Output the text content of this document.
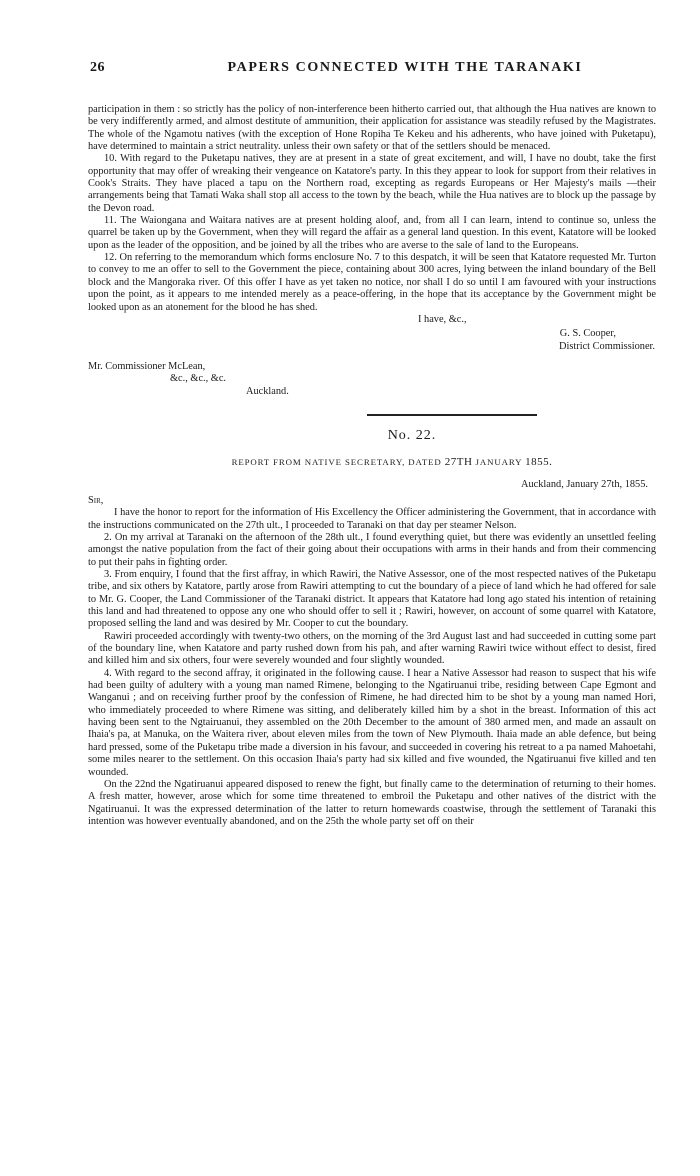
26	PAPERS CONNECTED WITH THE TARANAKI

participation in them : so strictly has the policy of non-interference been hitherto carried out, that although the Hua natives are known to be very indifferently armed, and almost destitute of ammunition, their application for assistance was steadily refused by the Magistrates. The whole of the Ngamotu natives (with the exception of Hone Ropiha Te Kekeu and his adherents, who have joined with Puketapu), have determined to maintain a strict neutrality. unless their own safety or that of the settlers should be menaced.

10. With regard to the Puketapu natives, they are at present in a state of great excitement, and will, I have no doubt, take the first opportunity that may offer of wreaking their vengeance on Katatore's party. In this they appear to look for support from their relatives in Cook's Straits. They have placed a tapu on the Northern road, excepting as regards Europeans or Her Majesty's mails —their arrangements being that Tamati Waka shall stop all access to the town by the beach, while the Hua natives are to block up the passage by the Devon road.

11. The Waiongana and Waitara natives are at present holding aloof, and, from all I can learn, intend to continue so, unless the quarrel be taken up by the Government, when they will regard the affair as a general land question. In this event, Katatore will be looked upon as the leader of the opposition, and be joined by all the tribes who are averse to the sale of land to the Europeans.

12. On referring to the memorandum which forms enclosure No. 7 to this despatch, it will be seen that Katatore requested Mr. Turton to convey to me an offer to sell to the Government the piece, containing about 300 acres, lying between the inland boundary of the Bell block and the Mangoraka river. Of this offer I have as yet taken no notice, nor shall I do so until I am favoured with your instructions upon the point, as it appears to me intended merely as a peace-offering, in the hope that its acceptance by the Government might be looked upon as an atonement for the blood he has shed.

I have, &c.,
G. S. Cooper,
District Commissioner.
Mr. Commissioner McLean,
&c., &c., &c.
Auckland.
No. 22.
REPORT FROM NATIVE SECRETARY, DATED 27TH JANUARY 1855.
Auckland, January 27th, 1855.
Sir,

I have the honor to report for the information of His Excellency the Officer administering the Government, that in accordance with the instructions communicated on the 27th ult., I proceeded to Taranaki on that day per steamer Nelson.

2. On my arrival at Taranaki on the afternoon of the 28th ult., I found everything quiet, but there was evidently an unsettled feeling amongst the native population from the fact of their going about their occupations with arms in their hands and from their commencing to put their pahs in fighting order.

3. From enquiry, I found that the first affray, in which Rawiri, the Native Assessor, one of the most respected natives of the Puketapu tribe, and six others by Katatore, partly arose from Rawiri attempting to cut the boundary of a piece of land which he had offered for sale to Mr. G. Cooper, the Land Commissioner of the Taranaki district. It appears that Katatore had long ago stated his intention of retaining this land and had threatened to oppose any one who should offer to sell it ; Rawiri, however, on account of some quarrel with Katatore, proposed selling the land and was desired by Mr. Cooper to cut the boundary.

Rawiri proceeded accordingly with twenty-two others, on the morning of the 3rd August last and had succeeded in cutting some part of the boundary line, when Katatore and party rushed down from his pah, and after warning Rawiri twice without effect to desist, fired and killed him and six others, four were severely wounded and four slightly wounded.

4. With regard to the second affray, it originated in the following cause. I hear a Native Assessor had reason to suspect that his wife had been guilty of adultery with a young man named Rimene, belonging to the Ngatiruanui tribe, residing between Cape Egmont and Wanganui ; and on receiving further proof by the confession of Rimene, he had directed him to be shot by a young man named Hori, who immediately proceeded to where Rimene was sitting, and deliberately killed him by a shot in the breast. Information of this act having been sent to the Ngtairuanui, they assembled on the 20th December to the amount of 380 armed men, and made an assault on Ihaia's pa, at Manuka, on the Waitera river, about eleven miles from the town of New Plymouth. Ihaia made an able defence, but being hard pressed, some of the Puketapu tribe made a diversion in his favour, and succeeded in covering his retreat to a pa named Mahoetahi, some miles nearer to the settlement. On this occasion Ihaia's party had six killed and five wounded, the Ngatiruanui five killed and ten wounded.

On the 22nd the Ngatiruanui appeared disposed to renew the fight, but finally came to the determination of returning to their homes. A fresh matter, however, arose which for some time threatened to embroil the Puketapu and other natives of the district with the Ngatiruanui. It was the expressed determination of the latter to return homewards coastwise, through the settlement of Taranaki this intention was however eventually abandoned, and on the 25th the whole party set off on their
